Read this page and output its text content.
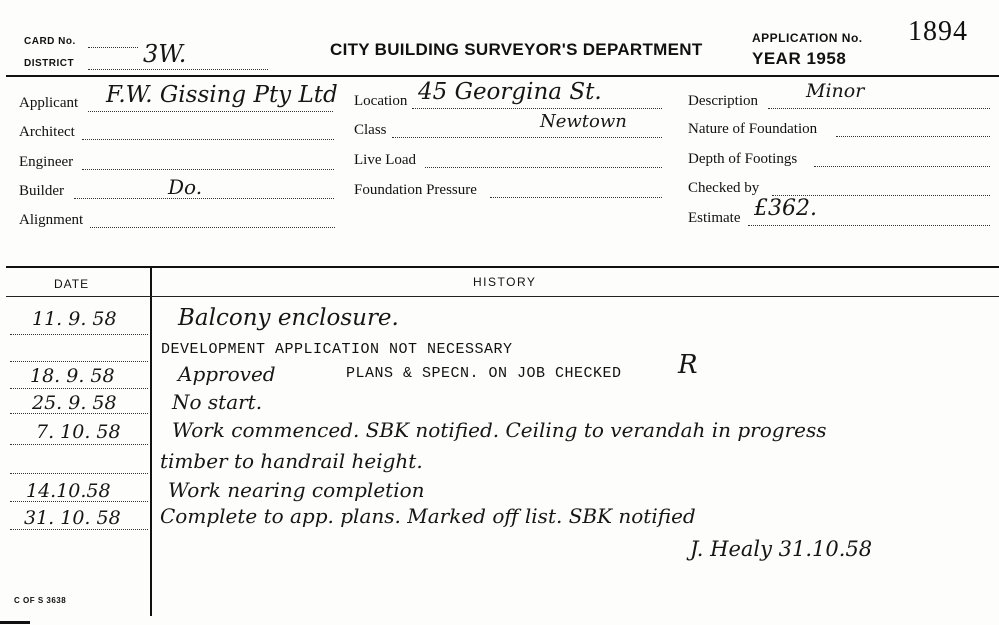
CARD No.
DISTRICT	3W.	CITY BUILDING SURVEYOR'S DEPARTMENT
APPLICATION No. 1894
YEAR 1958
Applicant F.W. Gissing Pty Ltd
Architect
Engineer
Builder	Do.
Alignment
Location 45 Georgina St.
Class	Newtown
Live Load
Foundation Pressure
Description	Minor
Nature of Foundation
Depth of Footings
Checked by
Estimate £362.
DATE	HISTORY
11. 9. 58	Balcony enclosure.
DEVELOPMENT APPLICATION NOT NECESSARY
18. 9. 58	Approved	PLANS & SPECN. ON JOB CHECKED R
25. 9. 58	No start.
7. 10. 58	Work commenced. SBK notified. Ceiling to verandah in progress
timber to handrail height.
14.10.58	Work nearing completion
31. 10. 58 Complete to app. plans. Marked off list. SBK notified
J. Healy 31.10.58
C OF S 3638
